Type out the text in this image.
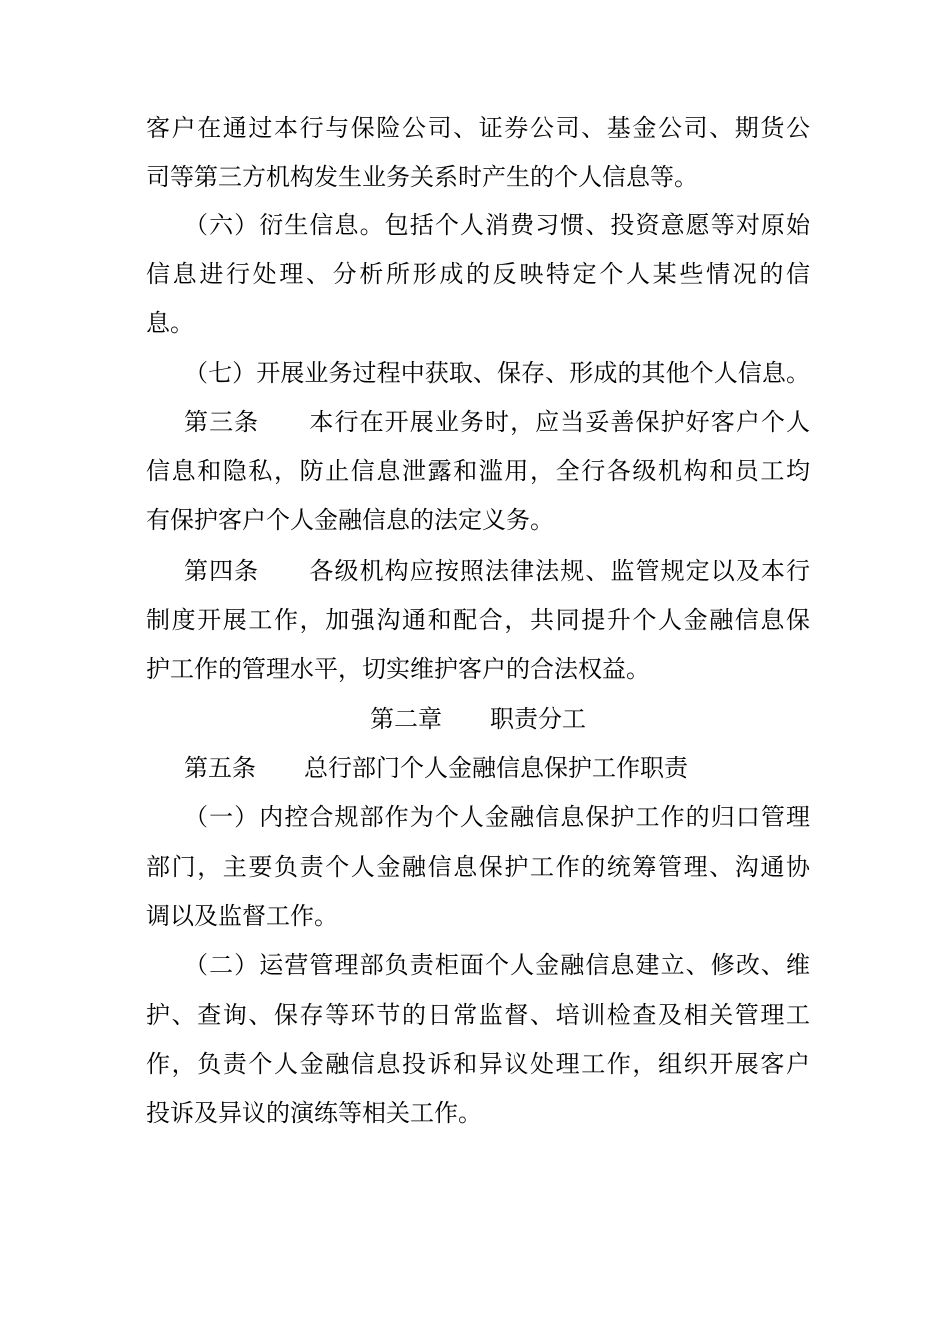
客户在通过本行与保险公司、证券公司、基金公司、期货公
司等第三方机构发生业务关系时产生的个人信息等。
（六）衍生信息。包括个人消费习惯、投资意愿等对原始
信息进行处理、分析所形成的反映特定个人某些情况的信
息。
（七）开展业务过程中获取、保存、形成的其他个人信息。
第三条　　本行在开展业务时，应当妥善保护好客户个人
信息和隐私，防止信息泄露和滥用，全行各级机构和员工均
有保护客户个人金融信息的法定义务。
第四条　　各级机构应按照法律法规、监管规定以及本行
制度开展工作，加强沟通和配合，共同提升个人金融信息保
护工作的管理水平，切实维护客户的合法权益。
第二章　　职责分工
第五条　　总行部门个人金融信息保护工作职责
（一）内控合规部作为个人金融信息保护工作的归口管理
部门，主要负责个人金融信息保护工作的统筹管理、沟通协
调以及监督工作。
（二）运营管理部负责柜面个人金融信息建立、修改、维
护、查询、保存等环节的日常监督、培训检查及相关管理工
作，负责个人金融信息投诉和异议处理工作，组织开展客户
投诉及异议的演练等相关工作。
